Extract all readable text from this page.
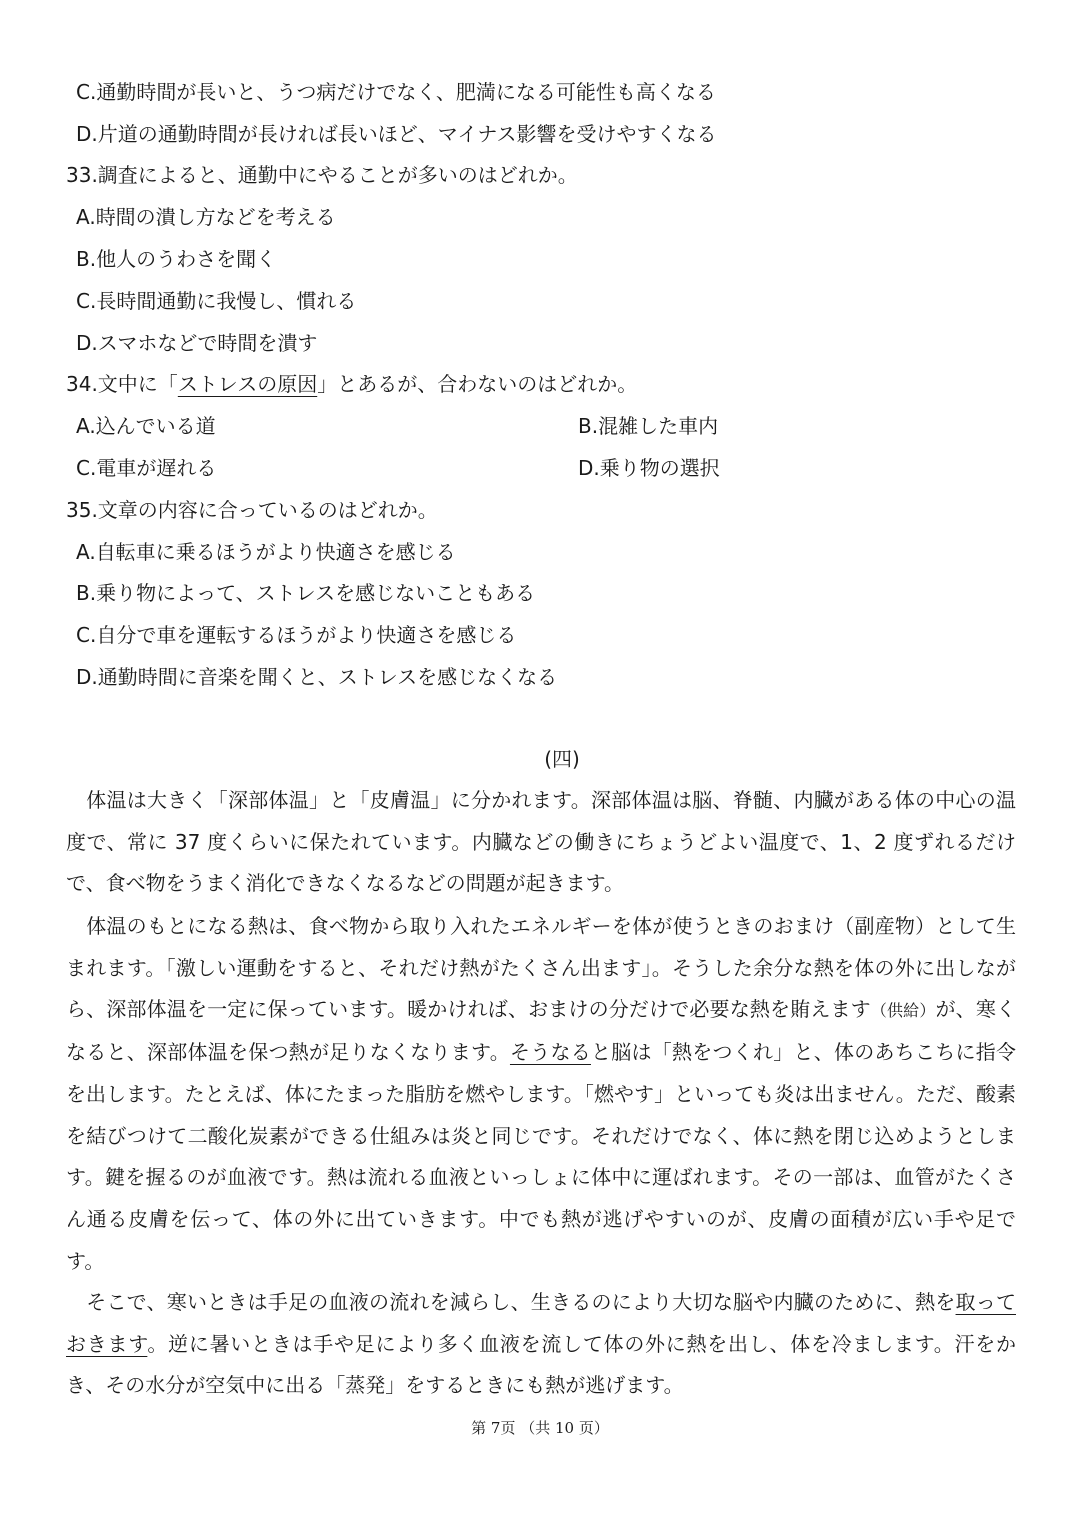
C.通勤時間が長いと、うつ病だけでなく、肥満になる可能性も高くなる
D.片道の通勤時間が長ければ長いほど、マイナス影響を受けやすくなる
33.調査によると、通勤中にやることが多いのはどれか。
A.時間の潰し方などを考える
B.他人のうわさを聞く
C.長時間通勤に我慢し、慣れる
D.スマホなどで時間を潰す
34.文中に「ストレスの原因」とあるが、合わないのはどれか。
A.込んでいる道	B.混雑した車内
C.電車が遅れる	D.乗り物の選択
35.文章の内容に合っているのはどれか。
A.自転車に乗るほうがより快適さを感じる
B.乗り物によって、ストレスを感じないこともある
C.自分で車を運転するほうがより快適さを感じる
D.通勤時間に音楽を聞くと、ストレスを感じなくなる
(四)
　体温は大きく「深部体温」と「皮膚温」に分かれます。深部体温は脳、脊髄、内臓がある体の中心の温度で、常に 37 度くらいに保たれています。内臓などの働きにちょうどよい温度で、1、2 度ずれるだけで、食べ物をうまく消化できなくなるなどの問題が起きます。
　体温のもとになる熱は、食べ物から取り入れたエネルギーを体が使うときのおまけ（副産物）として生まれます。「激しい運動をすると、それだけ熱がたくさん出ます」。そうした余分な熱を体の外に出しながら、深部体温を一定に保っています。暖かければ、おまけの分だけで必要な熱を賄えます（供給）が、寒くなると、深部体温を保つ熱が足りなくなります。そうなると脳は「熱をつくれ」と、体のあちこちに指令を出します。たとえば、体にたまった脂肪を燃やします。「燃やす」といっても炎は出ません。ただ、酸素を結びつけて二酸化炭素ができる仕組みは炎と同じです。それだけでなく、体に熱を閉じ込めようとします。鍵を握るのが血液です。熱は流れる血液といっしょに体中に運ばれます。その一部は、血管がたくさん通る皮膚を伝って、体の外に出ていきます。中でも熱が逃げやすいのが、皮膚の面積が広い手や足です。
　そこで、寒いときは手足の血液の流れを減らし、生きるのにより大切な脳や内臓のために、熱を取っておきます。逆に暑いときは手や足により多く血液を流して体の外に熱を出し、体を冷まします。汗をかき、その水分が空気中に出る「蒸発」をするときにも熱が逃げます。
第 7页 （共 10 页）
